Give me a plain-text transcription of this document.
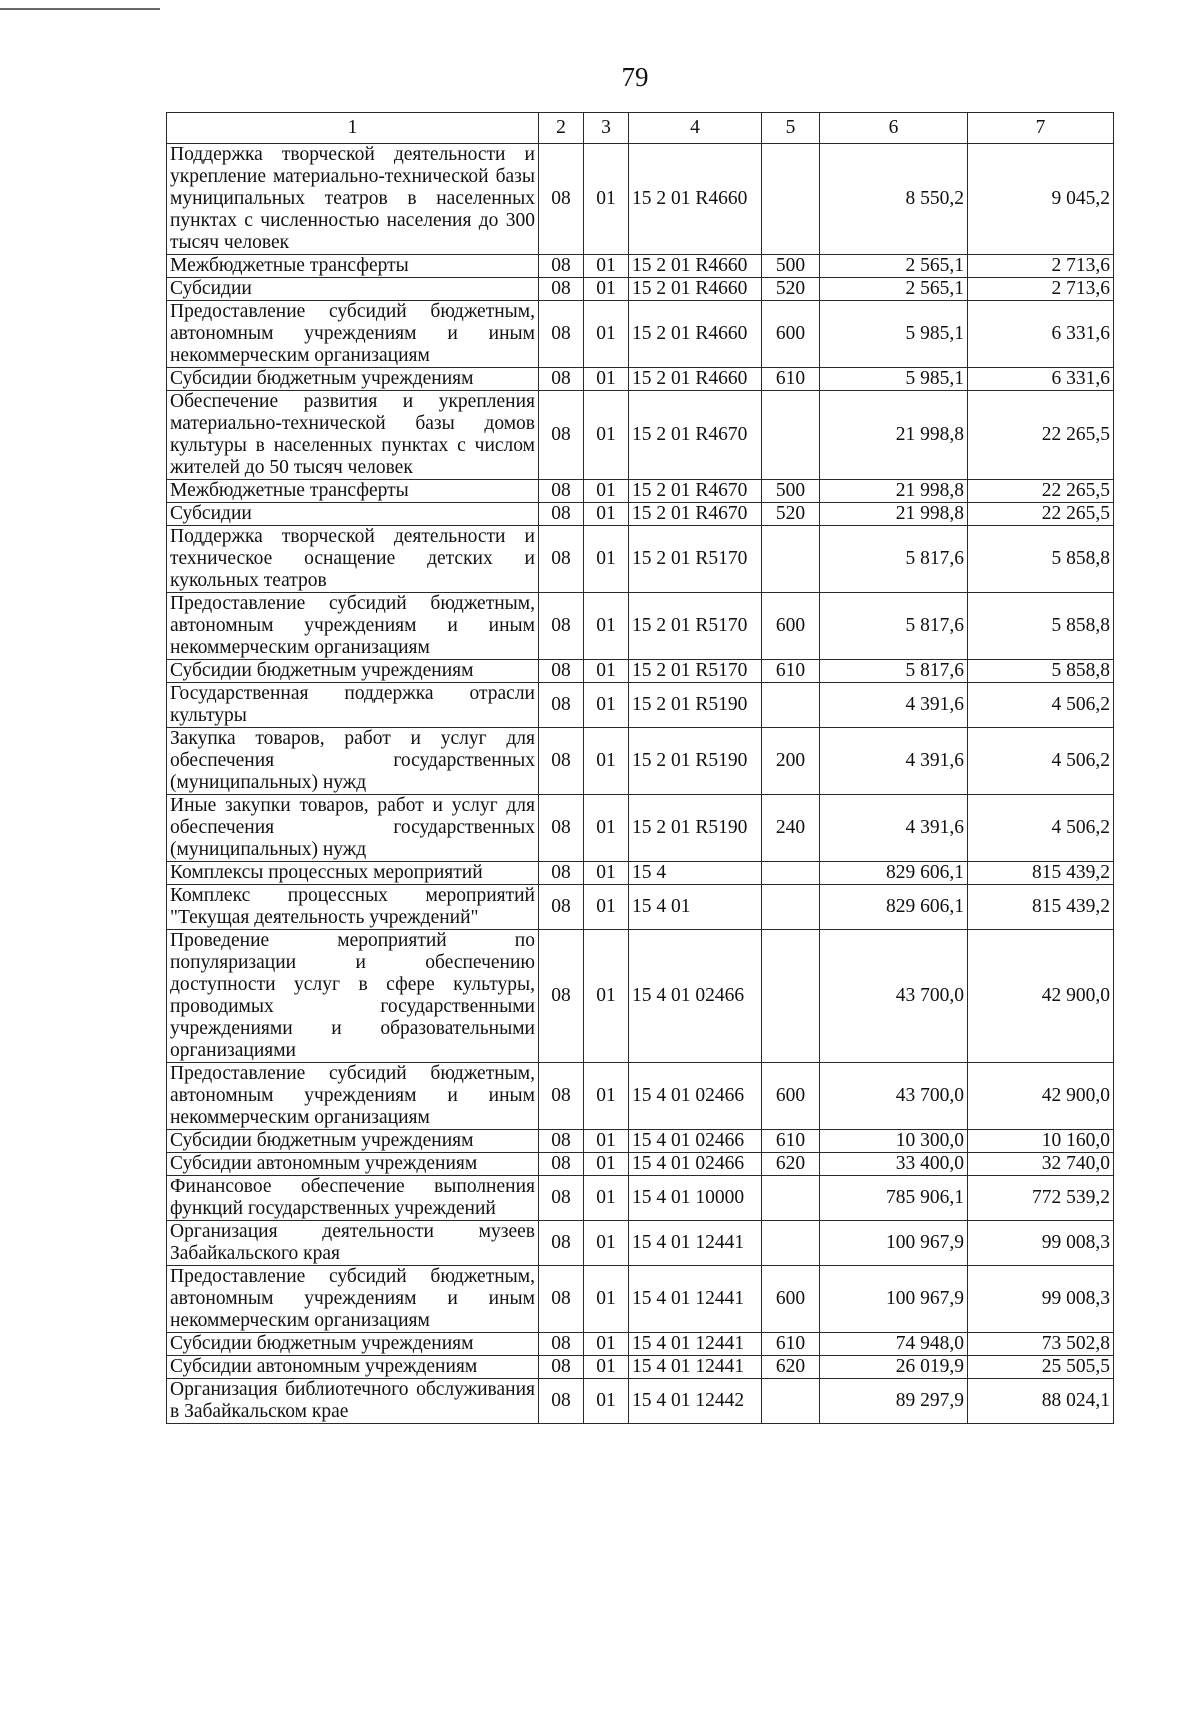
79
1	2	3	4	5	6	7
Поддержка творческой деятельности и укрепление материально-технической базы муниципальных театров в населенных пунктах с численностью населения до 300 тысяч человек	08	01	15 2 01 R4660		8 550,2	9 045,2
Межбюджетные трансферты	08	01	15 2 01 R4660	500	2 565,1	2 713,6
Субсидии	08	01	15 2 01 R4660	520	2 565,1	2 713,6
Предоставление субсидий бюджетным, автономным учреждениям и иным некоммерческим организациям	08	01	15 2 01 R4660	600	5 985,1	6 331,6
Субсидии бюджетным учреждениям	08	01	15 2 01 R4660	610	5 985,1	6 331,6
Обеспечение развития и укрепления материально-технической базы домов культуры в населенных пунктах с числом жителей до 50 тысяч человек	08	01	15 2 01 R4670		21 998,8	22 265,5
Межбюджетные трансферты	08	01	15 2 01 R4670	500	21 998,8	22 265,5
Субсидии	08	01	15 2 01 R4670	520	21 998,8	22 265,5
Поддержка творческой деятельности и техническое оснащение детских и кукольных театров	08	01	15 2 01 R5170		5 817,6	5 858,8
Предоставление субсидий бюджетным, автономным учреждениям и иным некоммерческим организациям	08	01	15 2 01 R5170	600	5 817,6	5 858,8
Субсидии бюджетным учреждениям	08	01	15 2 01 R5170	610	5 817,6	5 858,8
Государственная поддержка отрасли культуры	08	01	15 2 01 R5190		4 391,6	4 506,2
Закупка товаров, работ и услуг для обеспечения государственных (муниципальных) нужд	08	01	15 2 01 R5190	200	4 391,6	4 506,2
Иные закупки товаров, работ и услуг для обеспечения государственных (муниципальных) нужд	08	01	15 2 01 R5190	240	4 391,6	4 506,2
Комплексы процессных мероприятий	08	01	15 4		829 606,1	815 439,2
Комплекс процессных мероприятий "Текущая деятельность учреждений"	08	01	15 4 01		829 606,1	815 439,2
Проведение мероприятий по популяризации и обеспечению доступности услуг в сфере культуры, проводимых государственными учреждениями и образовательными организациями	08	01	15 4 01 02466		43 700,0	42 900,0
Предоставление субсидий бюджетным, автономным учреждениям и иным некоммерческим организациям	08	01	15 4 01 02466	600	43 700,0	42 900,0
Субсидии бюджетным учреждениям	08	01	15 4 01 02466	610	10 300,0	10 160,0
Субсидии автономным учреждениям	08	01	15 4 01 02466	620	33 400,0	32 740,0
Финансовое обеспечение выполнения функций государственных учреждений	08	01	15 4 01 10000		785 906,1	772 539,2
Организация деятельности музеев Забайкальского края	08	01	15 4 01 12441		100 967,9	99 008,3
Предоставление субсидий бюджетным, автономным учреждениям и иным некоммерческим организациям	08	01	15 4 01 12441	600	100 967,9	99 008,3
Субсидии бюджетным учреждениям	08	01	15 4 01 12441	610	74 948,0	73 502,8
Субсидии автономным учреждениям	08	01	15 4 01 12441	620	26 019,9	25 505,5
Организация библиотечного обслуживания в Забайкальском крае	08	01	15 4 01 12442		89 297,9	88 024,1
